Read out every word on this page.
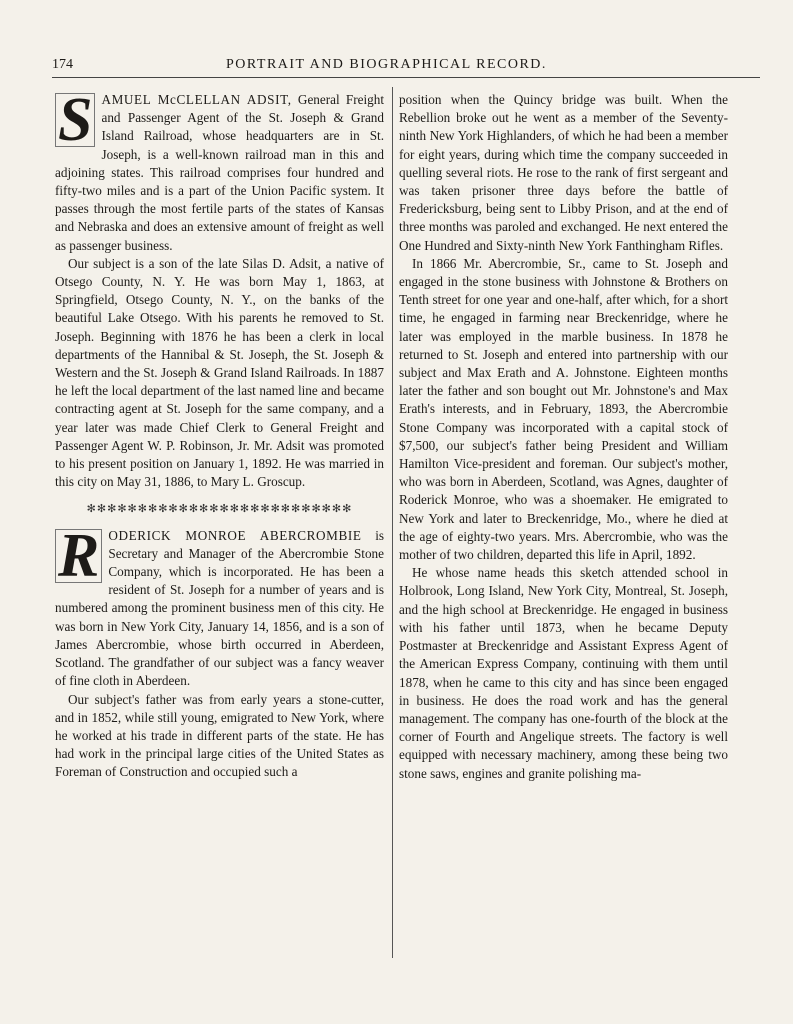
174	PORTRAIT AND BIOGRAPHICAL RECORD.

S AMUEL McCLELLAN ADSIT, General Freight and Passenger Agent of the St. Joseph & Grand Island Railroad, whose headquarters are in St. Joseph, is a well-known railroad man in this and adjoining states. This railroad comprises four hundred and fifty-two miles and is a part of the Union Pacific system. It passes through the most fertile parts of the states of Kansas and Nebraska and does an extensive amount of freight as well as passenger business.

Our subject is a son of the late Silas D. Adsit, a native of Otsego County, N. Y. He was born May 1, 1863, at Springfield, Otsego County, N. Y., on the banks of the beautiful Lake Otsego. With his parents he removed to St. Joseph. Beginning with 1876 he has been a clerk in local departments of the Hannibal & St. Joseph, the St. Joseph & Western and the St. Joseph & Grand Island Railroads. In 1887 he left the local department of the last named line and became contracting agent at St. Joseph for the same company, and a year later was made Chief Clerk to General Freight and Passenger Agent W. P. Robinson, Jr. Mr. Adsit was promoted to his present position on January 1, 1892. He was married in this city on May 31, 1886, to Mary L. Groscup.

✻✻✻✻✻✻✻✻✻✻✻✻✻✻✻✻✻✻✻✻✻✻✻✻✻✻

R ODERICK MONROE ABERCROMBIE is Secretary and Manager of the Abercrombie Stone Company, which is incorporated. He has been a resident of St. Joseph for a number of years and is numbered among the prominent business men of this city. He was born in New York City, January 14, 1856, and is a son of James Abercrombie, whose birth occurred in Aberdeen, Scotland. The grandfather of our subject was a fancy weaver of fine cloth in Aberdeen.

Our subject's father was from early years a stone-cutter, and in 1852, while still young, emigrated to New York, where he worked at his trade in different parts of the state. He has had work in the principal large cities of the United States as Foreman of Construction and occupied such a

position when the Quincy bridge was built. When the Rebellion broke out he went as a member of the Seventy-ninth New York Highlanders, of which he had been a member for eight years, during which time the company succeeded in quelling several riots. He rose to the rank of first sergeant and was taken prisoner three days before the battle of Fredericksburg, being sent to Libby Prison, and at the end of three months was paroled and exchanged. He next entered the One Hundred and Sixty-ninth New York Fanthingham Rifles.

In 1866 Mr. Abercrombie, Sr., came to St. Joseph and engaged in the stone business with Johnstone & Brothers on Tenth street for one year and one-half, after which, for a short time, he engaged in farming near Breckenridge, where he later was employed in the marble business. In 1878 he returned to St. Joseph and entered into partnership with our subject and Max Erath and A. Johnstone. Eighteen months later the father and son bought out Mr. Johnstone's and Max Erath's interests, and in February, 1893, the Abercrombie Stone Company was incorporated with a capital stock of $7,500, our subject's father being President and William Hamilton Vice-president and foreman. Our subject's mother, who was born in Aberdeen, Scotland, was Agnes, daughter of Roderick Monroe, who was a shoemaker. He emigrated to New York and later to Breckenridge, Mo., where he died at the age of eighty-two years. Mrs. Abercrombie, who was the mother of two children, departed this life in April, 1892.

He whose name heads this sketch attended school in Holbrook, Long Island, New York City, Montreal, St. Joseph, and the high school at Breckenridge. He engaged in business with his father until 1873, when he became Deputy Postmaster at Breckenridge and Assistant Express Agent of the American Express Company, continuing with them until 1878, when he came to this city and has since been engaged in business. He does the road work and has the general management. The company has one-fourth of the block at the corner of Fourth and Angelique streets. The factory is well equipped with necessary machinery, among these being two stone saws, engines and granite polishing ma-
